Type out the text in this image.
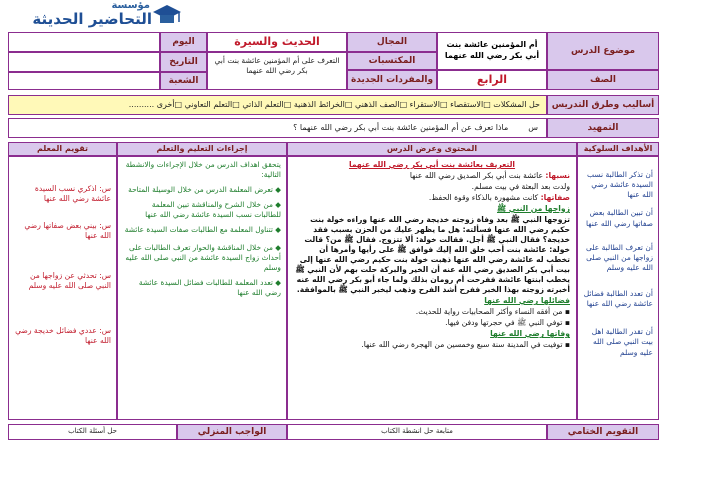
مؤسسة
التحاضير الحديثة
موضوع الدرس
أم المؤمنين عائشة بنت أبي بكر رضي الله عنهما
المجال
الحديث والسيرة
اليوم
المكتسبات
التعرف على أم المؤمنين عائشة بنت أبي بكر رضي الله عنهما
التاريخ
الصف
الرابع
والمفردات الجديدة
الشعبة
أساليب وطرق التدريس
حل المشكلات □الاستقصاء □الاستقراء □الصف الذهني □الخرائط الذهنية □التعلم الذاتي □التعلم التعاوني □أخرى ..........
التمهيد
س
ماذا تعرف عن أم المؤمنين عائشة بنت أبي بكر رضي الله عنهما ؟
الأهداف السلوكية
المحتوى وعرض الدرس
إجراءات التعليم والتعلم
تقويم المعلم

أن تذكر الطالبة نسب السيدة عائشة رضي الله عنها

أن تبين الطالبة بعض صفاتها رضي الله عنها

أن تعرف الطالبة على زواجها من النبي صلى الله عليه وسلم

أن تعدد الطالبة فضائل عائشة رضي الله عنها

أن تقدر الطالبة اهل بيت النبي صلى الله عليه وسلم

التعريف بعائشة بنت أبي بكر رضي الله عنهما

نسبها: عائشة بنت أبي بكر الصديق رضي الله عنها

ولدت بعد البعثة في بيت مسلم.

صفاتها: كانت مشهورة بالذكاء وقوة الحفظ.

زواجها من النبي ﷺ

تزوجها النبي ﷺ بعد وفاة زوجته خديجة رضي الله عنها وراءه خولة بنت حكيم رضي الله عنها فسألته: هل ما يظهر عليك من الحزن بسبب فقد خديجة؟ فقال النبي ﷺ أجل. فقالت خولة: ألا تتزوج. فقال ﷺ من؟ قالت خولة: عائشة بنت أحب خلق الله إليك فوافق ﷺ على رأيها وأمرها أن تخطب له عائشة رضي الله عنها ذهبت خولة بنت حكيم رضي الله عنها إلى بيت أبي بكر الصديق رضي الله عنه أن الخير والبركة حلت بهم لأن النبي ﷺ يخطب ابنتها عائشة ففرحت أم رومان بذلك ولما جاء أبو بكر رضي الله عنه أخبرته زوجته بهذا الخبر ففرح أشد الفرح وذهب ليخبر النبي ﷺ بالموافقة.

فضائلها رضي الله عنها

▪ من أفقه النساء وأكثر الصحابيات رواية للحديث.

▪ توفي النبي ﷺ في حجرتها ودفن فيها.

وفاتها رضي الله عنها

▪ توفيت في المدينة سنة سبع وخمسين من الهجرة رضي الله عنها.

يتحقق اهداف الدرس من خلال الإجراءات والانشطة التالية:

◆ تعرض المعلمة الدرس من خلال الوسيلة المتاحة

◆ من خلال الشرح والمناقشة تبين المعلمة للطالبات نسب السيدة عائشة رضي الله عنها

◆ تتناول المعلمة مع الطالبات صفات السيدة عائشة

◆ من خلال المناقشة والحوار تعرف الطالبات على أحداث زواج السيدة عائشة من النبي صلى الله عليه وسلم

◆ تعدد المعلمة للطالبات فضائل السيدة عائشة رضي الله عنها

س: اذكري نسب السيدة عائشة رضي الله عنها

س: بيني بعض صفاتها رضي الله عنها

س: تحدثي عن زواجها من النبي صلى الله عليه وسلم

س: عددي فضائل خديجة رضي الله عنها

التقويم الختامي
متابعة حل انشطة الكتاب
الواجب المنزلي
حل أسئلة الكتاب
